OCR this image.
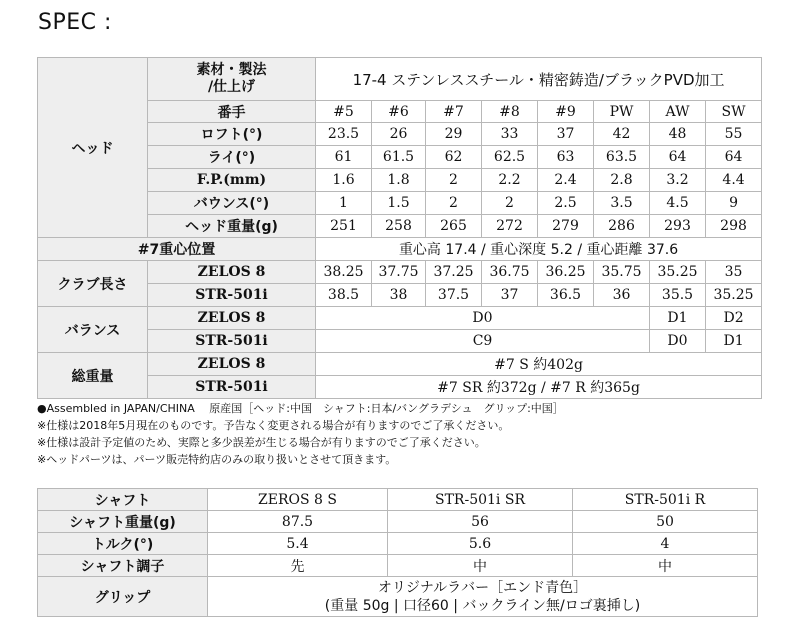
SPEC :
ヘッド	素材・製法
/仕上げ	17-4 ステンレススチール・精密鋳造/ブラックPVD加工							
	番手	#5	#6	#7	#8	#9	PW	AW	SW
	ロフト(°)	23.5	26	29	33	37	42	48	55
	ライ(°)	61	61.5	62	62.5	63	63.5	64	64
	F.P.(mm)	1.6	1.8	2	2.2	2.4	2.8	3.2	4.4
	バウンス(°)	1	1.5	2	2	2.5	3.5	4.5	9
	ヘッド重量(g)	251	258	265	272	279	286	293	298
#7重心位置		重心高 17.4 / 重心深度 5.2 / 重心距離 37.6							
クラブ長さ	ZELOS 8	38.25	37.75	37.25	36.75	36.25	35.75	35.25	35
	STR-501i	38.5	38	37.5	37	36.5	36	35.5	35.25
バランス	ZELOS 8	D0						D1	D2
	STR-501i	C9						D0	D1
総重量	ZELOS 8	#7 S 約402g							
	STR-501i	#7 SR 約372g / #7 R 約365g							
●Assembled in JAPAN/CHINA　 原産国［ヘッド:中国　シャフト:日本/バングラデシュ　グリップ:中国］
※仕様は2018年5月現在のものです。予告なく変更される場合が有りますのでご了承ください。
※仕様は設計予定値のため、実際と多少誤差が生じる場合が有りますのでご了承ください。
※ヘッドパーツは、パーツ販売特約店のみの取り扱いとさせて頂きます。
シャフト	ZEROS 8 S	STR-501i SR	STR-501i R
シャフト重量(g)	87.5	56	50
トルク(°)	5.4	5.6	4
シャフト調子	先	中	中
グリップ	オリジナルラバー［エンド青色］
(重量 50g | 口径60 | バックライン無/ロゴ裏挿し)		
